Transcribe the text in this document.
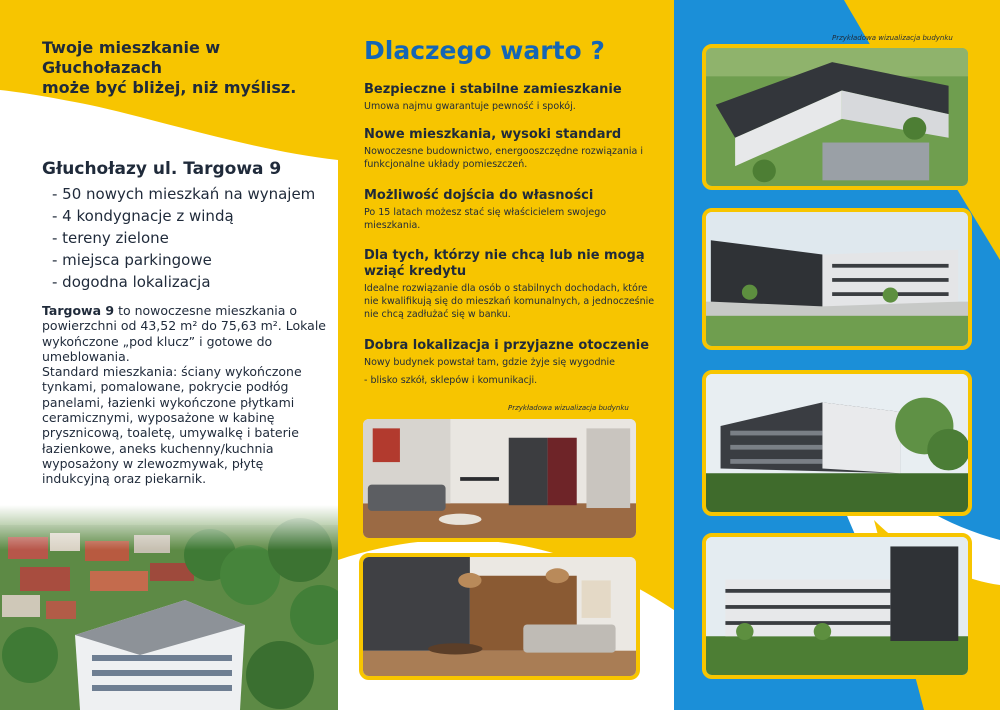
Twoje mieszkanie w Głuchołazach
może być bliżej, niż myślisz.

Głuchołazy ul. Targowa 9
- 50 nowych mieszkań na wynajem
- 4 kondygnacje z windą
- tereny zielone
- miejsca parkingowe
- dogodna lokalizacja

Targowa 9 to nowoczesne mieszkania o powierzchni od 43,52 m² do 75,63 m². Lokale wykończone „pod klucz” i gotowe do umeblowania.
Standard mieszkania: ściany wykończone tynkami, pomalowane, pokrycie podłóg panelami, łazienki wykończone płytkami ceramicznymi, wyposażone w kabinę prysznicową, toaletę, umywalkę i baterie łazienkowe, aneks kuchenny/kuchnia wyposażony w zlewozmywak, płytę indukcyjną oraz piekarnik.

Dlaczego warto ?
Bezpieczne i stabilne zamieszkanie

Umowa najmu gwarantuje pewność i spokój.

Nowe mieszkania, wysoki standard

Nowoczesne budownictwo, energooszczędne rozwiązania i funkcjonalne układy pomieszczeń.

Możliwość dojścia do własności

Po 15 latach możesz stać się właścicielem swojego mieszkania.

Dla tych, którzy nie chcą lub nie mogą wziąć kredytu

Idealne rozwiązanie dla osób o stabilnych dochodach, które nie kwalifikują się do mieszkań komunalnych, a jednocześnie nie chcą zadłużać się w banku.

Dobra lokalizacja i przyjazne otoczenie

Nowy budynek powstał tam, gdzie żyje się wygodnie

- blisko szkół, sklepów i komunikacji.

Przykładowa wizualizacja budynku

Przykładowa wizualizacja budynku
